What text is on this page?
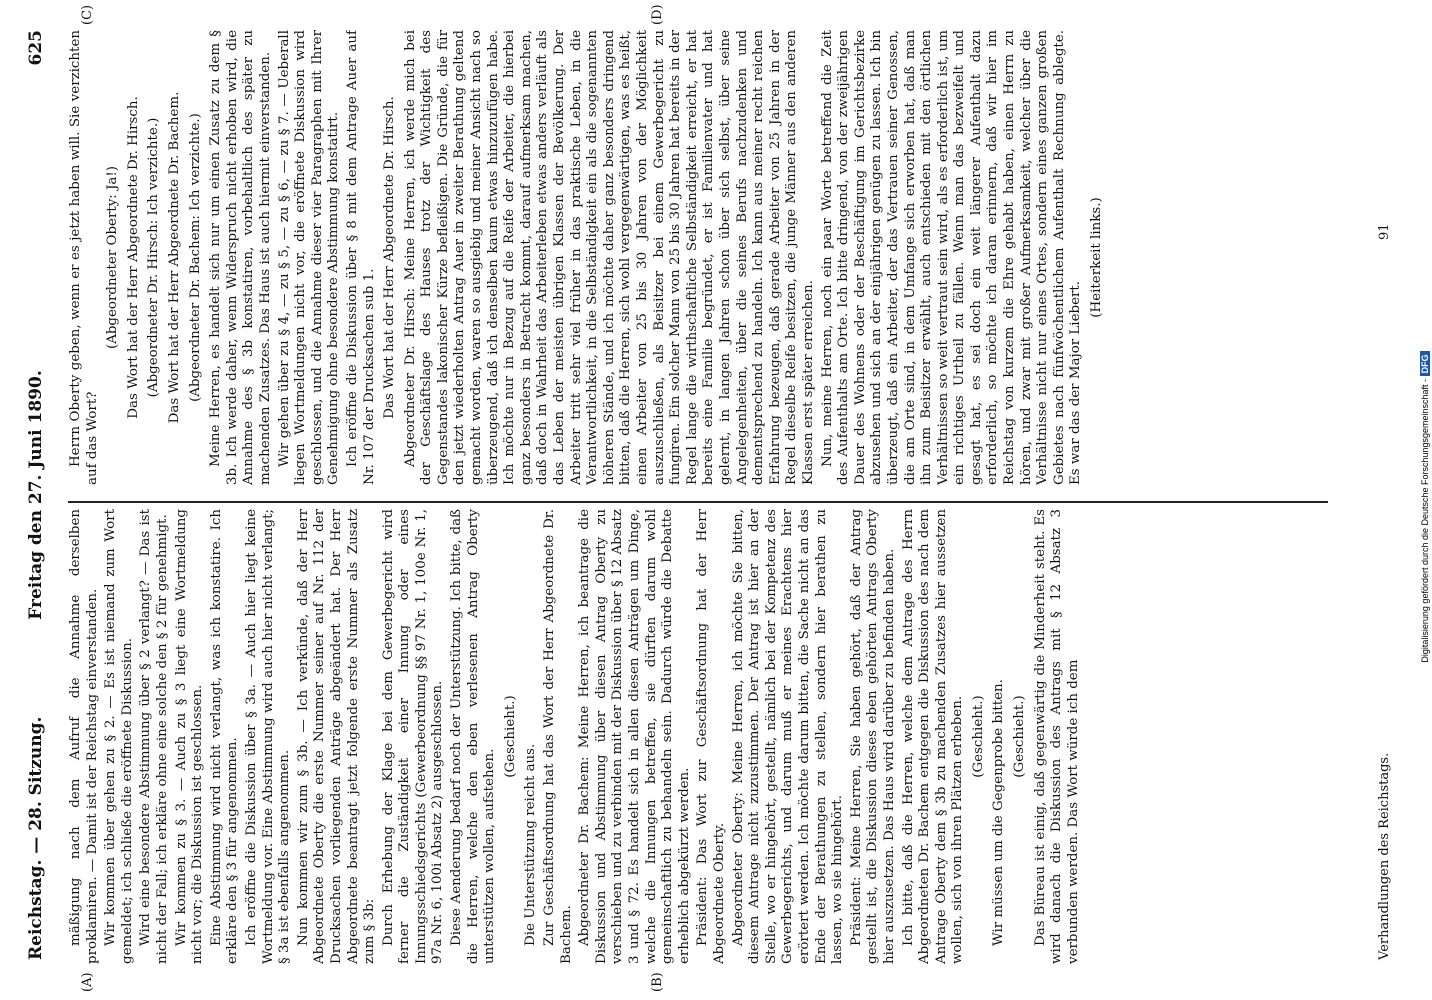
Reichstag. — 28. Sitzung.
Freitag den 27. Juni 1890.
625
(A)	(B)
(C)	(D)

mäßigung nach dem Aufruf die Annahme derselben proklamiren. — Damit ist der Reichstag einverstanden. Wir kommen über gehen zu § 2. — Es ist niemand zum Wort gemeldet; ich schließe die eröffnete Diskussion. Wird eine besondere Abstimmung über § 2 verlangt? — Das ist nicht der Fall; ich erkläre ohne eine solche den § 2 für genehmigt. Wir kommen zu § 3. — Auch zu § 3 liegt eine Wortmeldung nicht vor; die Diskussion ist geschlossen. Eine Abstimmung wird nicht verlangt, was ich konstatire. Ich erkläre den § 3 für angenommen. Ich eröffne die Diskussion über § 3a. — Auch hier liegt keine Wortmeldung vor. Eine Abstimmung wird auch hier nicht verlangt; § 3a ist ebenfalls angenommen. Nun kommen wir zum § 3b. — Ich verkünde, daß der Herr Abgeordnete Oberty die erste Nummer seiner auf Nr. 112 der Drucksachen vorliegenden Anträge abgeändert hat. Der Herr Abgeordnete beantragt jetzt folgende erste Nummer als Zusatz zum § 3b: Durch Erhebung der Klage bei dem Gewerbegericht wird ferner die Zuständigkeit einer Innung oder eines Innungsschiedsgerichts (Gewerbeordnung §§ 97 Nr. 1, 100e Nr. 1, 97a Nr. 6, 100i Absatz 2) ausgeschlossen. Diese Aenderung bedarf noch der Unterstützung. Ich bitte, daß die Herren, welche den eben verlesenen Antrag Oberty unterstützen wollen, aufstehen.

(Geschieht.)

Die Unterstützung reicht aus. Zur Geschäftsordnung hat das Wort der Herr Abgeordnete Dr. Bachem. Abgeordneter Dr. Bachem: Meine Herren, ich beantrage die Diskussion und Abstimmung über diesen Antrag Oberty zu verschieben und zu verbinden mit der Diskussion über § 12 Absatz 3 und § 72. Es handelt sich in allen diesen Anträgen um Dinge, welche die Innungen betreffen, sie dürften darum wohl gemeinschaftlich zu behandeln sein. Dadurch würde die Debatte erheblich abgekürzt werden. Präsident: Das Wort zur Geschäftsordnung hat der Herr Abgeordnete Oberty. Abgeordneter Oberty: Meine Herren, ich möchte Sie bitten, diesem Antrage nicht zuzustimmen. Der Antrag ist hier an der Stelle, wo er hingehört, gestellt, nämlich bei der Kompetenz des Gewerbegerichts, und darum muß er meines Erachtens hier erörtert werden. Ich möchte darum bitten, die Sache nicht an das Ende der Berathungen zu stellen, sondern hier berathen zu lassen, wo sie hingehört. Präsident: Meine Herren, Sie haben gehört, daß der Antrag gestellt ist, die Diskussion dieses eben gehörten Antrags Oberty hier auszusetzen. Das Haus wird darüber zu befinden haben. Ich bitte, daß die Herren, welche dem Antrage des Herrn Abgeordneten Dr. Bachem entgegen die Diskussion des nach dem Antrage Oberty dem § 3b zu machenden Zusatzes hier aussetzen wollen, sich von ihren Plätzen erheben. (Geschieht.) Wir müssen um die Gegenprobe bitten. (Geschieht.) Das Büreau ist einig, daß gegenwärtig die Minderheit steht. Es wird danach die Diskussion des Antrags mit § 12 Absatz 3 verbunden werden. Das Wort würde ich dem

Herrn Oberty geben, wenn er es jetzt haben will. Sie verzichten auf das Wort?

(Abgeordneter Oberty: Ja!) Das Wort hat der Herr Abgeordnete Dr. Hirsch. (Abgeordneter Dr. Hirsch: Ich verzichte.) Das Wort hat der Herr Abgeordnete Dr. Bachem. (Abgeordneter Dr. Bachem: Ich verzichte.) Meine Herren, es handelt sich nur um einen Zusatz zu dem § 3b. Ich werde daher, wenn Widerspruch nicht erhoben wird, die Annahme des § 3b konstatiren, vorbehaltlich des später zu machenden Zusatzes. Das Haus ist auch hiermit einverstanden. Wir gehen über zu § 4, — zu § 5, — zu § 6, — zu § 7. — Ueberall liegen Wortmeldungen nicht vor, die eröffnete Diskussion wird geschlossen, und die Annahme dieser vier Paragraphen mit Ihrer Genehmigung ohne besondere Abstimmung konstatirt. Ich eröffne die Diskussion über § 8 mit dem Antrage Auer auf Nr. 107 der Drucksachen sub 1. Das Wort hat der Herr Abgeordnete Dr. Hirsch. Abgeordneter Dr. Hirsch: Meine Herren, ich werde mich bei der Geschäftslage des Hauses trotz der Wichtigkeit des Gegenstandes lakonischer Kürze befleißigen. Die Gründe, die für den jetzt wiederholten Antrag Auer in zweiter Berathung geltend gemacht worden, waren so ausgiebig und meiner Ansicht nach so überzeugend, daß ich denselben kaum etwas hinzuzufügen habe. Ich möchte nur in Bezug auf die Reife der Arbeiter, die hierbei ganz besonders in Betracht kommt, darauf aufmerksam machen, daß doch in Wahrheit das Arbeiterleben etwas anders verläuft als das Leben der meisten übrigen Klassen der Bevölkerung. Der Arbeiter tritt sehr viel früher in das praktische Leben, in die Verantwortlichkeit, in die Selbständigkeit ein als die sogenannten höheren Stände, und ich möchte daher ganz besonders dringend bitten, daß die Herren, sich wohl vergegenwärtigen, was es heißt, einen Arbeiter von 25 bis 30 Jahren von der Möglichkeit auszuschließen, als Beisitzer bei einem Gewerbegericht zu fungiren. Ein solcher Mann von 25 bis 30 Jahren hat bereits in der Regel lange die wirthschaftliche Selbständigkeit erreicht, er hat bereits eine Familie begründet, er ist Familienvater und hat gelernt, in langen Jahren schon über sich selbst, über seine Angelegenheiten, über die seines Berufs nachzudenken und dementsprechend zu handeln. Ich kann aus meiner recht reichen Erfahrung bezeugen, daß gerade Arbeiter von 25 Jahren in der Regel dieselbe Reife besitzen, die junge Männer aus den anderen Klassen erst später erreichen. Nun, meine Herren, noch ein paar Worte betreffend die Zeit des Aufenthalts am Orte. Ich bitte dringend, von der zweijährigen Dauer des Wohnens oder der Beschäftigung im Gerichtsbezirke abzusehen und sich an der einjährigen genügen zu lassen. Ich bin überzeugt, daß ein Arbeiter, der das Vertrauen seiner Genossen, die am Orte sind, in dem Umfange sich erworben hat, daß man ihn zum Beisitzer erwählt, auch entschieden mit den örtlichen Verhältnissen so weit vertraut sein wird, als es erforderlich ist, um ein richtiges Urtheil zu fällen. Wenn man das bezweifelt und gesagt hat, es sei doch ein weit längerer Aufenthalt dazu erforderlich, so möchte ich daran erinnern, daß wir hier im Reichstag von kurzem die Ehre gehabt haben, einen Herrn zu hören, und zwar mit großer Aufmerksamkeit, welcher über die Verhältnisse nicht nur eines Ortes, sondern eines ganzen großen Gebietes nach fünfwöchentlichem Aufenthalt Rechnung ablegte. Es war das der Major Liebert.

(Heiterkeit links.)

Verhandlungen des Reichstags.
91
Digitalisierung gefördert durch die Deutsche Forschungsgemeinschaft - DFG
